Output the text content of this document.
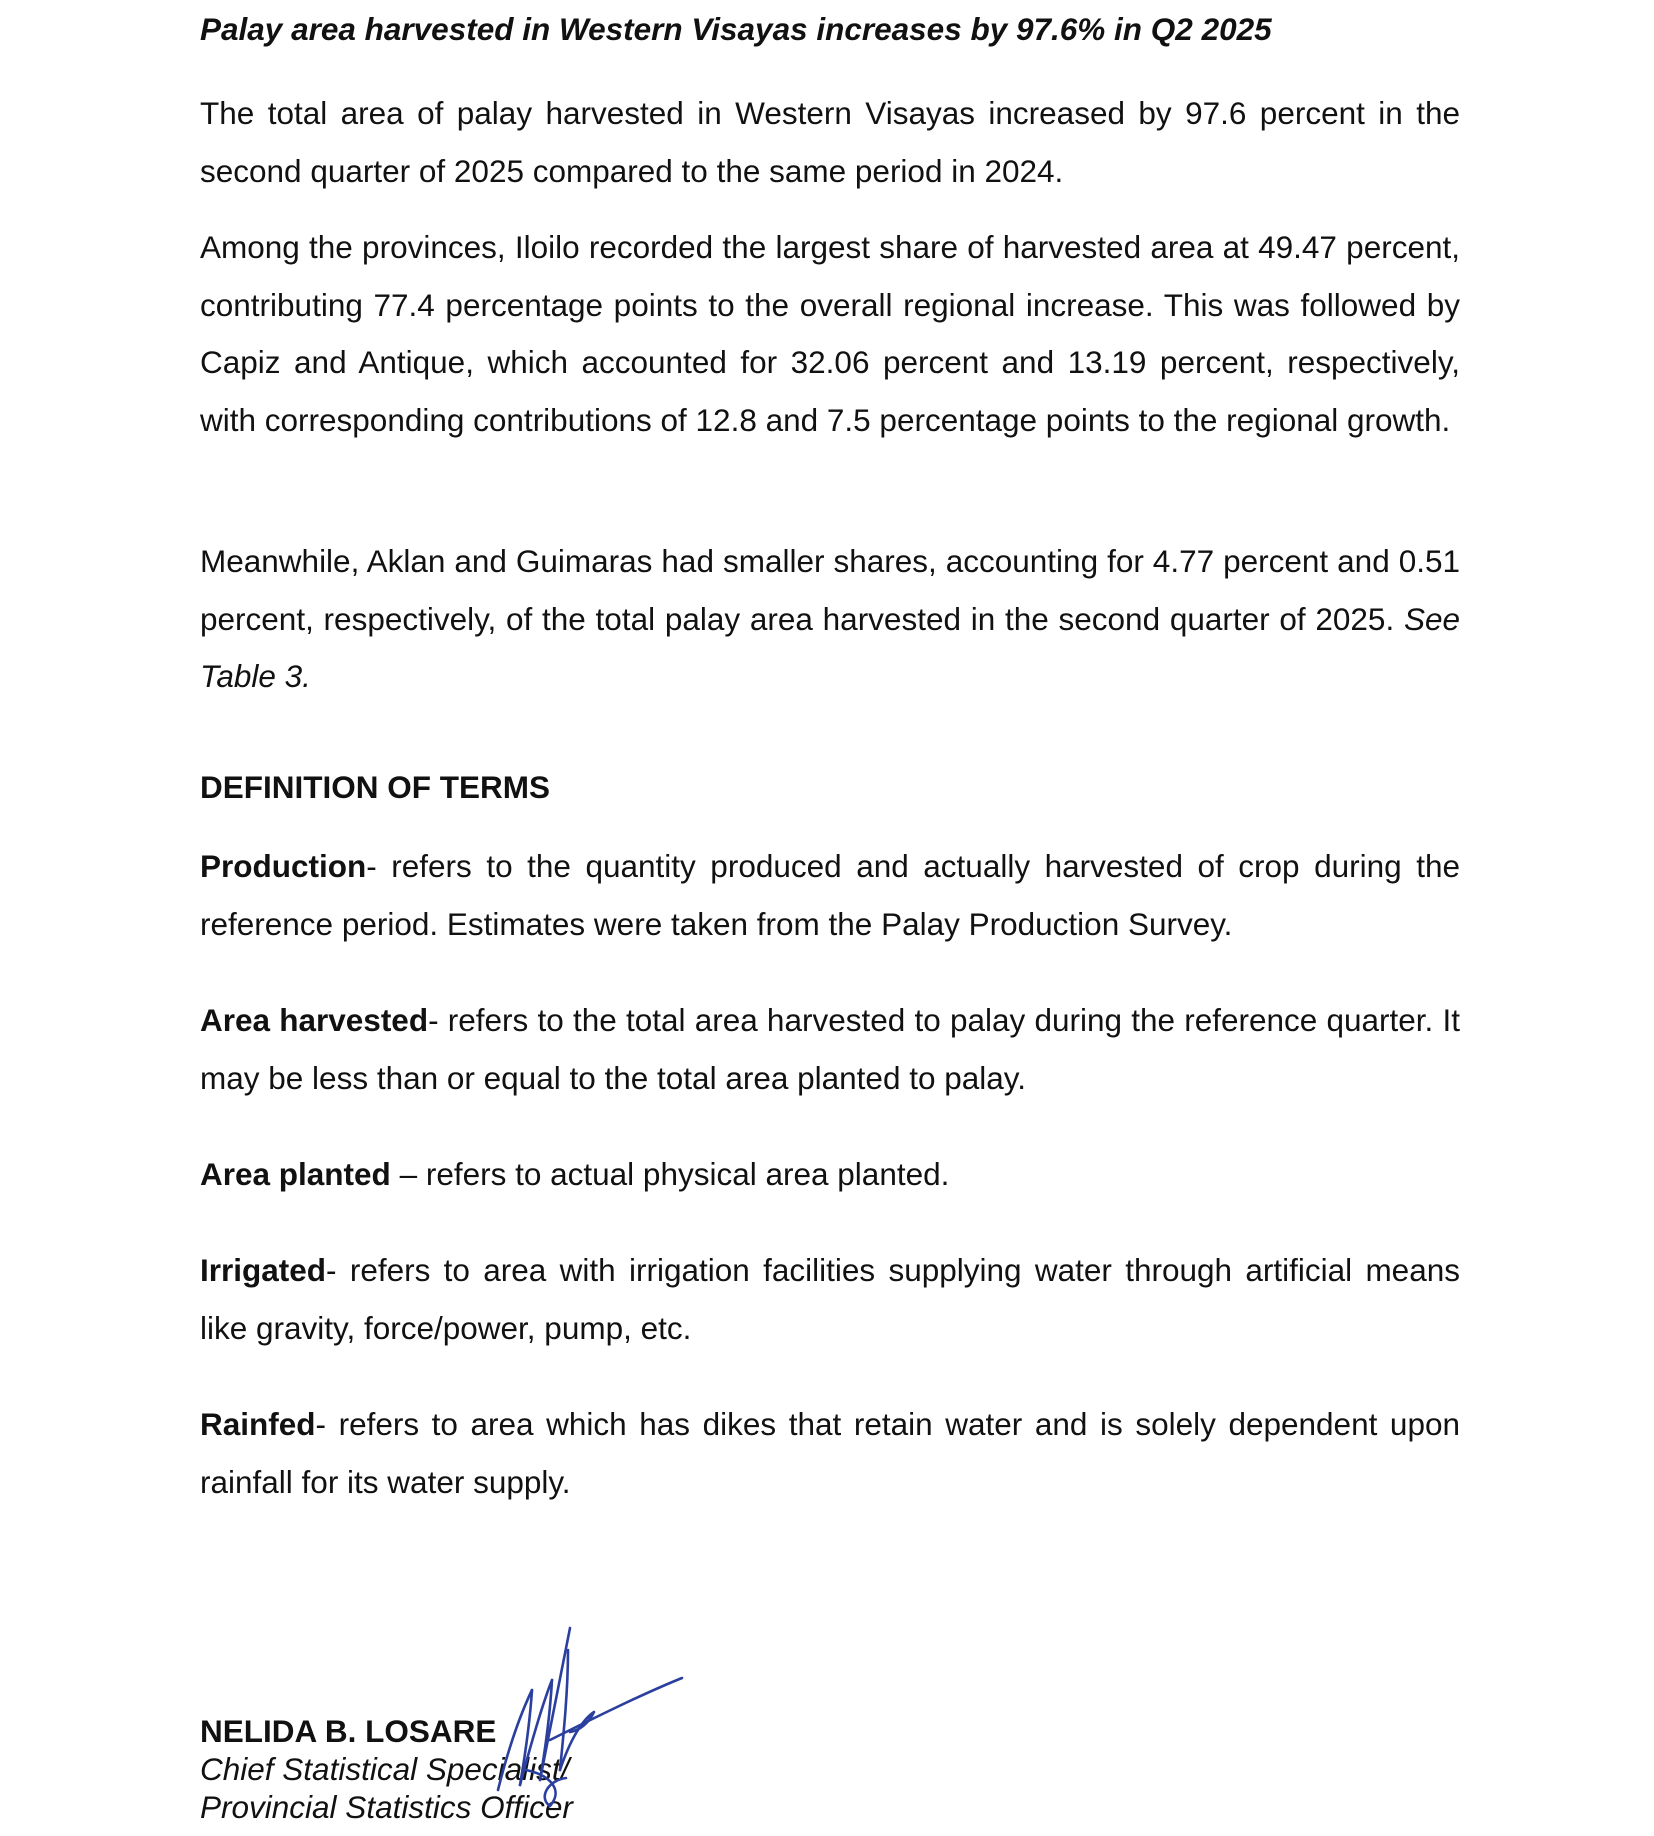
Palay area harvested in Western Visayas increases by 97.6% in Q2 2025

The total area of palay harvested in Western Visayas increased by 97.6 percent in the second quarter of 2025 compared to the same period in 2024.

Among the provinces, Iloilo recorded the largest share of harvested area at 49.47 percent, contributing 77.4 percentage points to the overall regional increase. This was followed by Capiz and Antique, which accounted for 32.06 percent and 13.19 percent, respectively, with corresponding contributions of 12.8 and 7.5 percentage points to the regional growth.

Meanwhile, Aklan and Guimaras had smaller shares, accounting for 4.77 percent and 0.51 percent, respectively, of the total palay area harvested in the second quarter of 2025. See Table 3.

DEFINITION OF TERMS

Production- refers to the quantity produced and actually harvested of crop during the reference period. Estimates were taken from the Palay Production Survey.

Area harvested- refers to the total area harvested to palay during the reference quarter. It may be less than or equal to the total area planted to palay.

Area planted – refers to actual physical area planted.

Irrigated- refers to area with irrigation facilities supplying water through artificial means like gravity, force/power, pump, etc.

Rainfed- refers to area which has dikes that retain water and is solely dependent upon rainfall for its water supply.

NELIDA B. LOSARE

Chief Statistical Specialist/

Provincial Statistics Officer
